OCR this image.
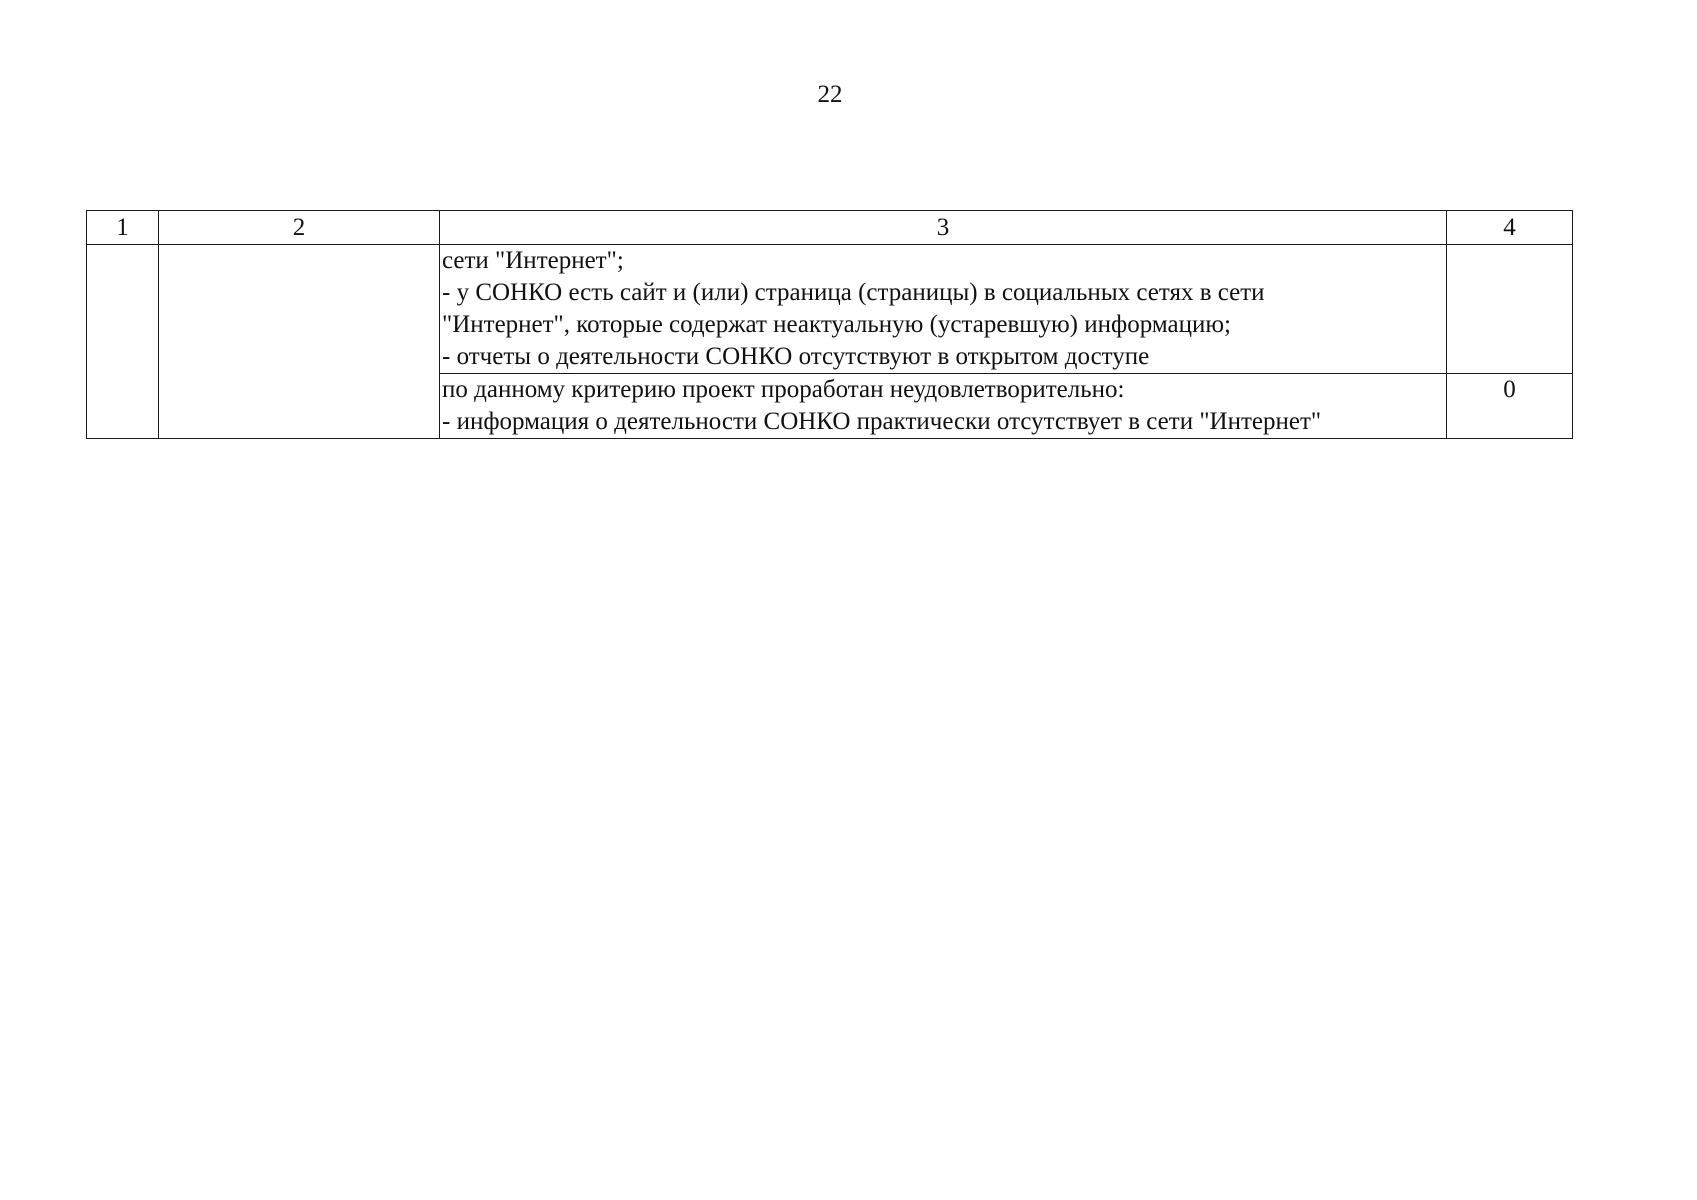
22
1	2	3	4

		сети "Интернет";
- у СОНКО есть сайт и (или) страница (страницы) в социальных сетях в сети
"Интернет", которые содержат неактуальную (устаревшую) информацию;
- отчеты о деятельности СОНКО отсутствуют в открытом доступе	

		по данному критерию проект проработан неудовлетворительно:
- информация о деятельности СОНКО практически отсутствует в сети "Интернет"	0
